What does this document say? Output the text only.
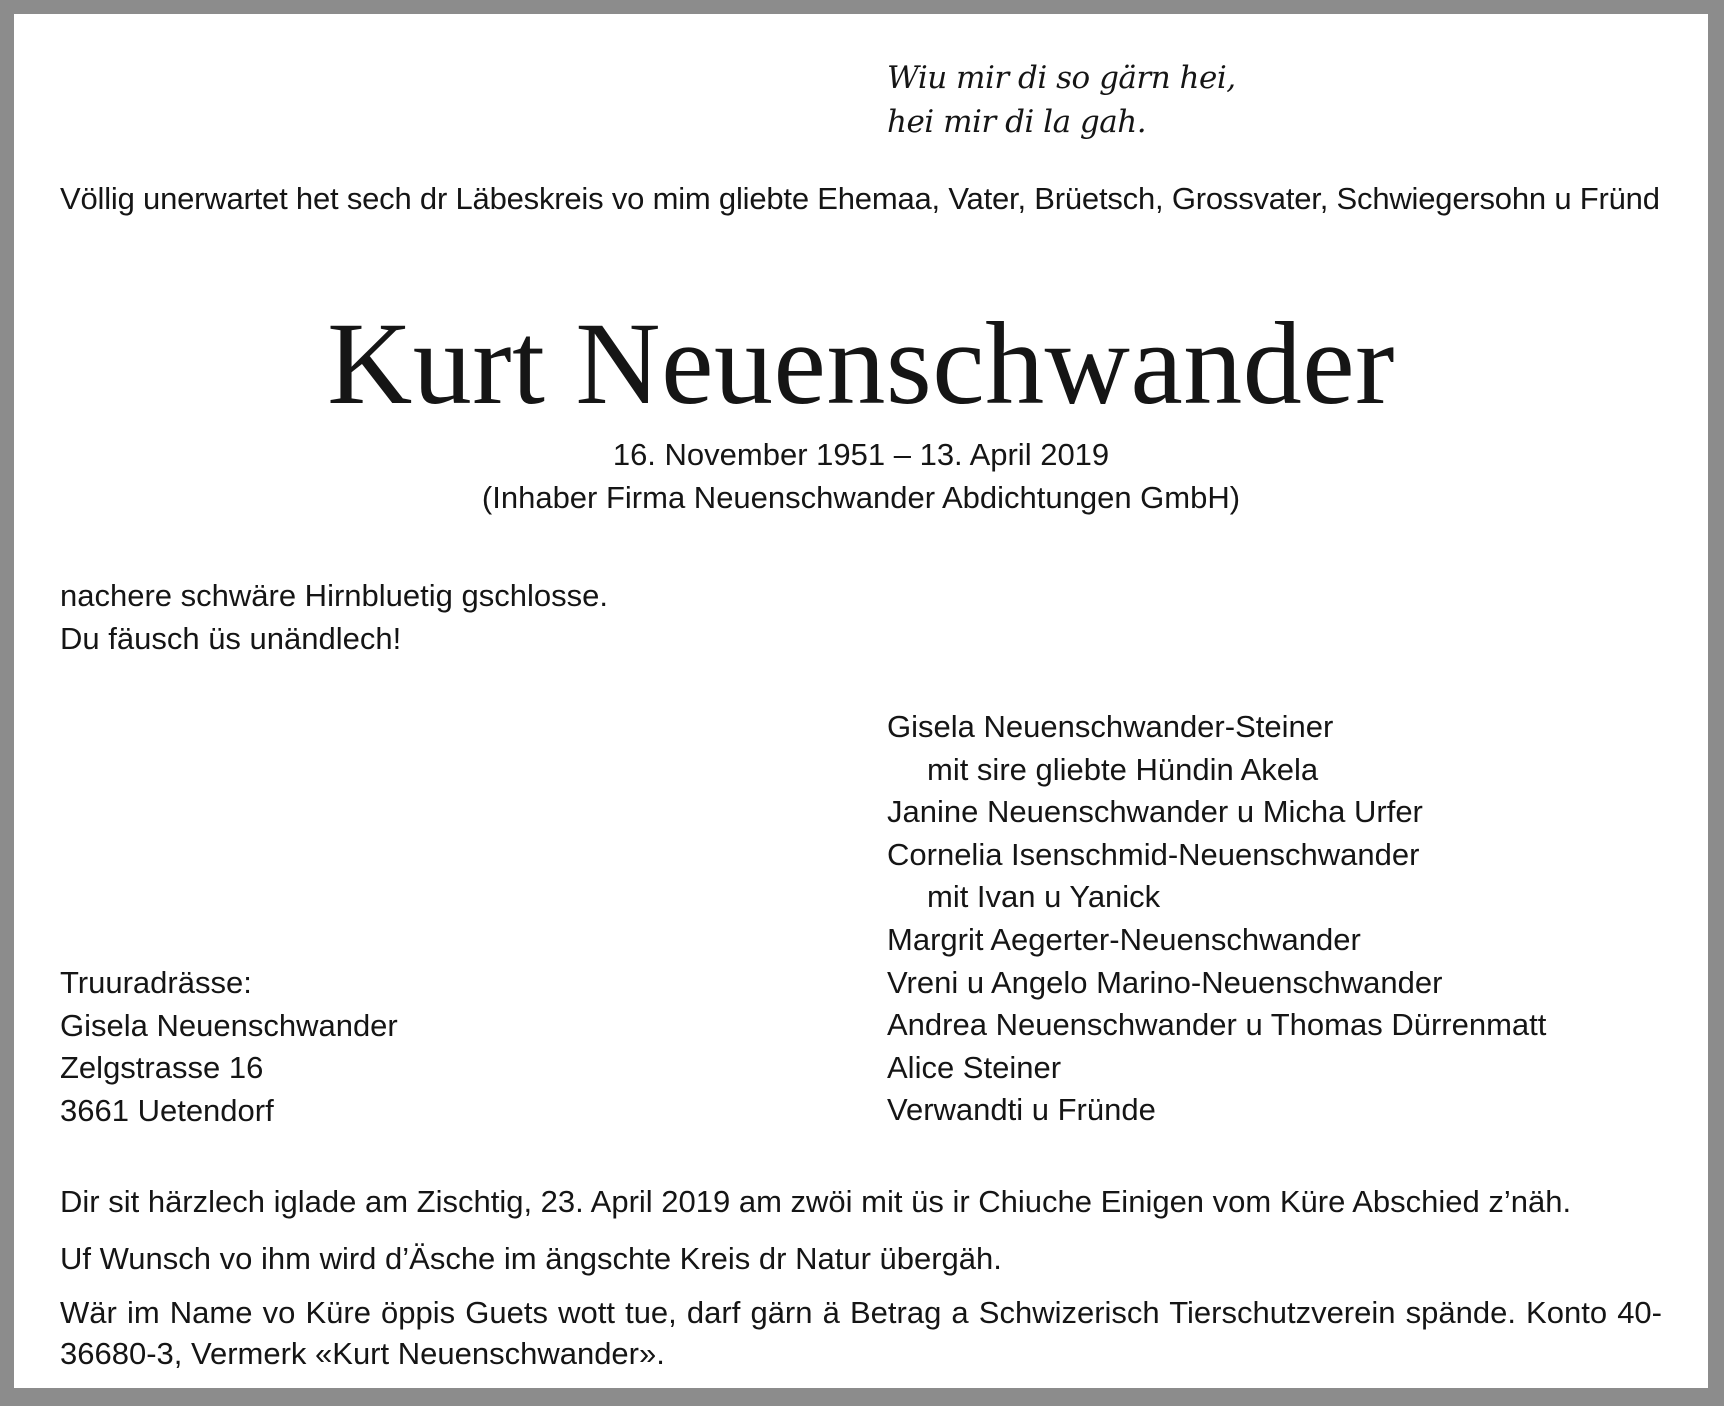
Wiu mir di so gärn hei,
hei mir di la gah.
Völlig unerwartet het sech dr Läbeskreis vo mim gliebte Ehemaa, Vater, Brüetsch, Grossvater, Schwiegersohn u Fründ
Kurt Neuenschwander
16. November 1951 – 13. April 2019
(Inhaber Firma Neuenschwander Abdichtungen GmbH)
nachere schwäre Hirnbluetig gschlosse.
Du fäusch üs unändlech!
Gisela Neuenschwander-Steiner
mit sire gliebte Hündin Akela
Janine Neuenschwander u Micha Urfer
Cornelia Isenschmid-Neuenschwander
mit Ivan u Yanick
Margrit Aegerter-Neuenschwander
Vreni u Angelo Marino-Neuenschwander
Andrea Neuenschwander u Thomas Dürrenmatt
Alice Steiner
Verwandti u Fründe
Truuradrässe:
Gisela Neuenschwander
Zelgstrasse 16
3661 Uetendorf
Dir sit härzlech iglade am Zischtig, 23. April 2019 am zwöi mit üs ir Chiuche Einigen vom Küre Abschied z’näh.
Uf Wunsch vo ihm wird d’Äsche im ängschte Kreis dr Natur übergäh.
Wär im Name vo Küre öppis Guets wott tue, darf gärn ä Betrag a Schwizerisch Tierschutzverein spände. Konto 40-36680-3, Vermerk «Kurt Neuenschwander».
